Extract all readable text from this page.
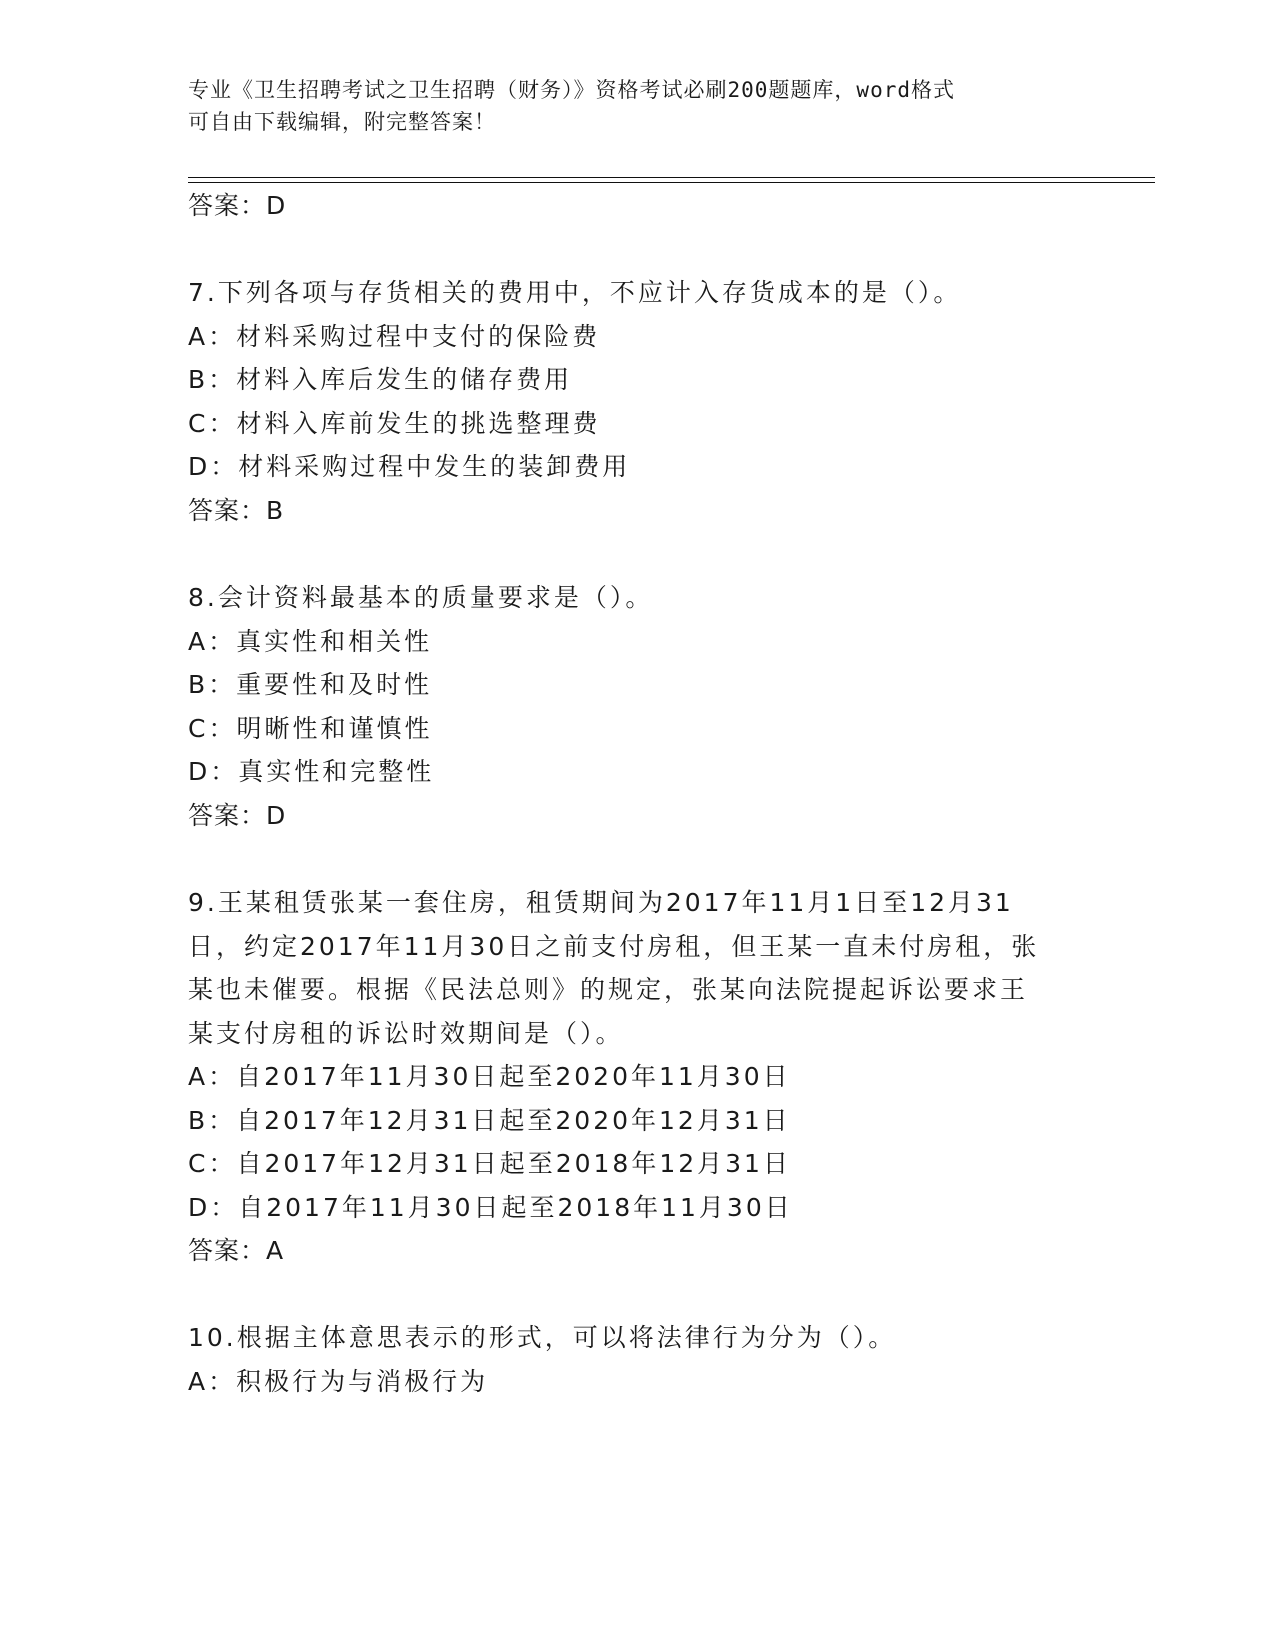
专业《卫生招聘考试之卫生招聘（财务）》资格考试必刷200题题库，word格式
可自由下载编辑，附完整答案！
答案：D
7.下列各项与存货相关的费用中，不应计入存货成本的是（）。
A：材料采购过程中支付的保险费
B：材料入库后发生的储存费用
C：材料入库前发生的挑选整理费
D：材料采购过程中发生的装卸费用
答案：B
8.会计资料最基本的质量要求是（）。
A：真实性和相关性
B：重要性和及时性
C：明晰性和谨慎性
D：真实性和完整性
答案：D
9.王某租赁张某一套住房，租赁期间为2017年11月1日至12月31
日，约定2017年11月30日之前支付房租，但王某一直未付房租，张
某也未催要。根据《民法总则》的规定，张某向法院提起诉讼要求王
某支付房租的诉讼时效期间是（）。
A：自2017年11月30日起至2020年11月30日
B：自2017年12月31日起至2020年12月31日
C：自2017年12月31日起至2018年12月31日
D：自2017年11月30日起至2018年11月30日
答案：A
10.根据主体意思表示的形式，可以将法律行为分为（）。
A：积极行为与消极行为
